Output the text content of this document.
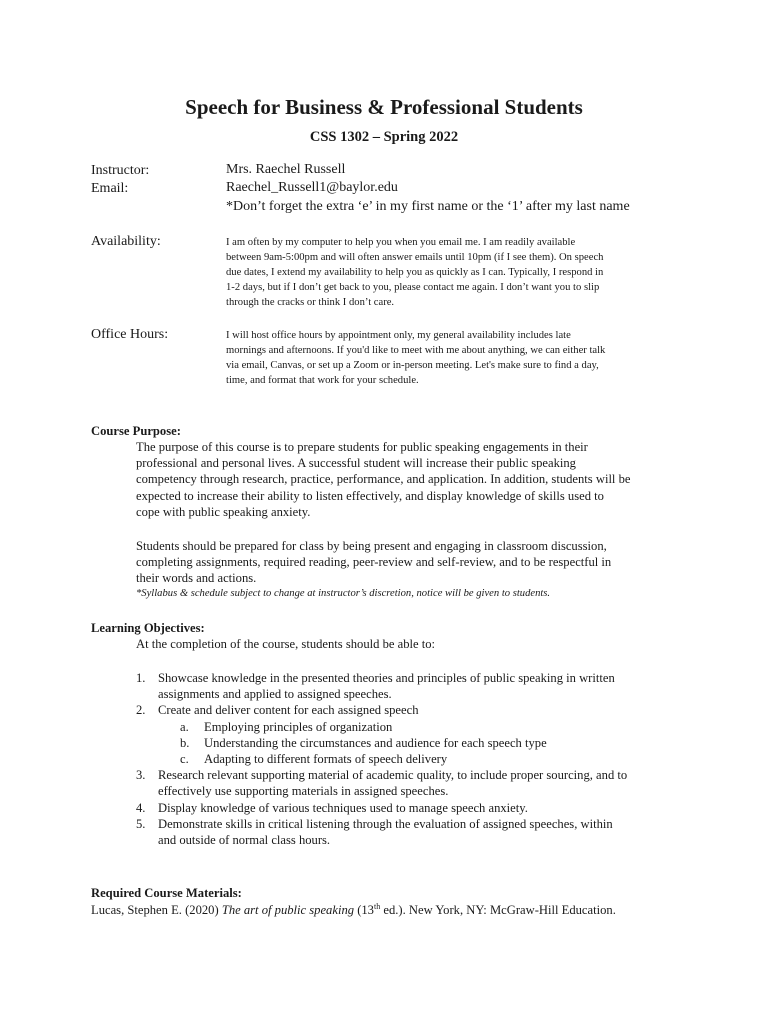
Speech for Business & Professional Students
CSS 1302 – Spring 2022
Instructor:	Mrs. Raechel Russell
Email:	Raechel_Russell1@baylor.edu
*Don’t forget the extra ‘e’ in my first name or the ‘1’ after my last name
Availability:	I am often by my computer to help you when you email me. I am readily available
between 9am-5:00pm and will often answer emails until 10pm (if I see them). On speech
due dates, I extend my availability to help you as quickly as I can. Typically, I respond in
1-2 days, but if I don’t get back to you, please contact me again. I don’t want you to slip
through the cracks or think I don’t care.
Office Hours:	I will host office hours by appointment only, my general availability includes late
mornings and afternoons. If you'd like to meet with me about anything, we can either talk
via email, Canvas, or set up a Zoom or in-person meeting. Let's make sure to find a day,
time, and format that work for your schedule.
Course Purpose:
The purpose of this course is to prepare students for public speaking engagements in their
professional and personal lives. A successful student will increase their public speaking
competency through research, practice, performance, and application. In addition, students will be
expected to increase their ability to listen effectively, and display knowledge of skills used to
cope with public speaking anxiety.
Students should be prepared for class by being present and engaging in classroom discussion,
completing assignments, required reading, peer-review and self-review, and to be respectful in
their words and actions.
*Syllabus & schedule subject to change at instructor’s discretion, notice will be given to students.
Learning Objectives:
At the completion of the course, students should be able to:
1. Showcase knowledge in the presented theories and principles of public speaking in written
assignments and applied to assigned speeches.
2. Create and deliver content for each assigned speech
a. Employing principles of organization
b. Understanding the circumstances and audience for each speech type
c. Adapting to different formats of speech delivery
3. Research relevant supporting material of academic quality, to include proper sourcing, and to
effectively use supporting materials in assigned speeches.
4. Display knowledge of various techniques used to manage speech anxiety.
5. Demonstrate skills in critical listening through the evaluation of assigned speeches, within
and outside of normal class hours.
Required Course Materials:
Lucas, Stephen E. (2020) The art of public speaking (13th ed.). New York, NY: McGraw-Hill Education.
